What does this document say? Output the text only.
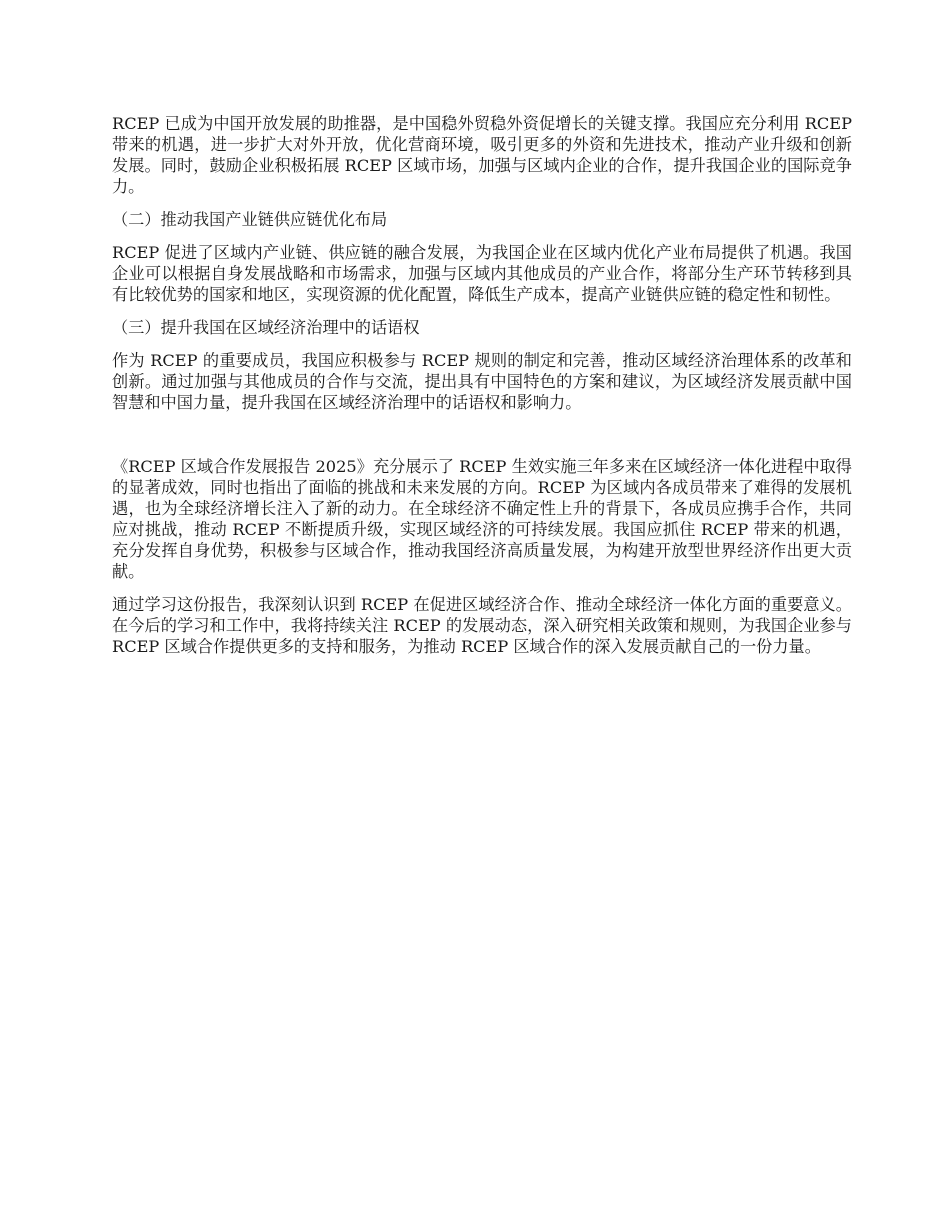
RCEP 已成为中国开放发展的助推器，是中国稳外贸稳外资促增长的关键支撑。我国应充分利用 RCEP 带来的机遇，进一步扩大对外开放，优化营商环境，吸引更多的外资和先进技术，推动产业升级和创新发展。同时，鼓励企业积极拓展 RCEP 区域市场，加强与区域内企业的合作，提升我国企业的国际竞争力。

（二）推动我国产业链供应链优化布局

RCEP 促进了区域内产业链、供应链的融合发展，为我国企业在区域内优化产业布局提供了机遇。我国企业可以根据自身发展战略和市场需求，加强与区域内其他成员的产业合作，将部分生产环节转移到具有比较优势的国家和地区，实现资源的优化配置，降低生产成本，提高产业链供应链的稳定性和韧性。

（三）提升我国在区域经济治理中的话语权

作为 RCEP 的重要成员，我国应积极参与 RCEP 规则的制定和完善，推动区域经济治理体系的改革和创新。通过加强与其他成员的合作与交流，提出具有中国特色的方案和建议，为区域经济发展贡献中国智慧和中国力量，提升我国在区域经济治理中的话语权和影响力。

《RCEP 区域合作发展报告 2025》充分展示了 RCEP 生效实施三年多来在区域经济一体化进程中取得的显著成效，同时也指出了面临的挑战和未来发展的方向。RCEP 为区域内各成员带来了难得的发展机遇，也为全球经济增长注入了新的动力。在全球经济不确定性上升的背景下，各成员应携手合作，共同应对挑战，推动 RCEP 不断提质升级，实现区域经济的可持续发展。我国应抓住 RCEP 带来的机遇，充分发挥自身优势，积极参与区域合作，推动我国经济高质量发展，为构建开放型世界经济作出更大贡献。

通过学习这份报告，我深刻认识到 RCEP 在促进区域经济合作、推动全球经济一体化方面的重要意义。在今后的学习和工作中，我将持续关注 RCEP 的发展动态，深入研究相关政策和规则，为我国企业参与 RCEP 区域合作提供更多的支持和服务，为推动 RCEP 区域合作的深入发展贡献自己的一份力量。
